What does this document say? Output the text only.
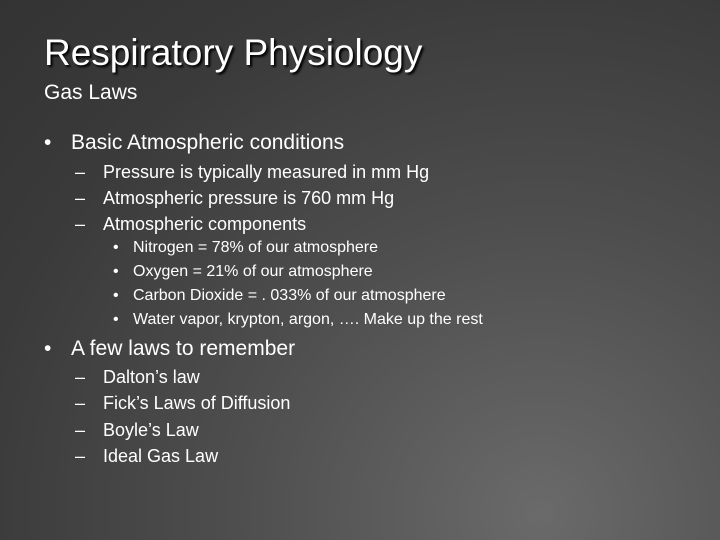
Respiratory Physiology
Gas Laws
• Basic Atmospheric conditions
– Pressure is typically measured in mm Hg
– Atmospheric pressure is 760 mm Hg
– Atmospheric components
• Nitrogen = 78% of our atmosphere
• Oxygen = 21% of our atmosphere
• Carbon Dioxide = . 033% of our atmosphere
• Water vapor, krypton, argon, …. Make up the rest
• A few laws to remember
– Dalton’s law
– Fick’s Laws of Diffusion
– Boyle’s Law
– Ideal Gas Law
